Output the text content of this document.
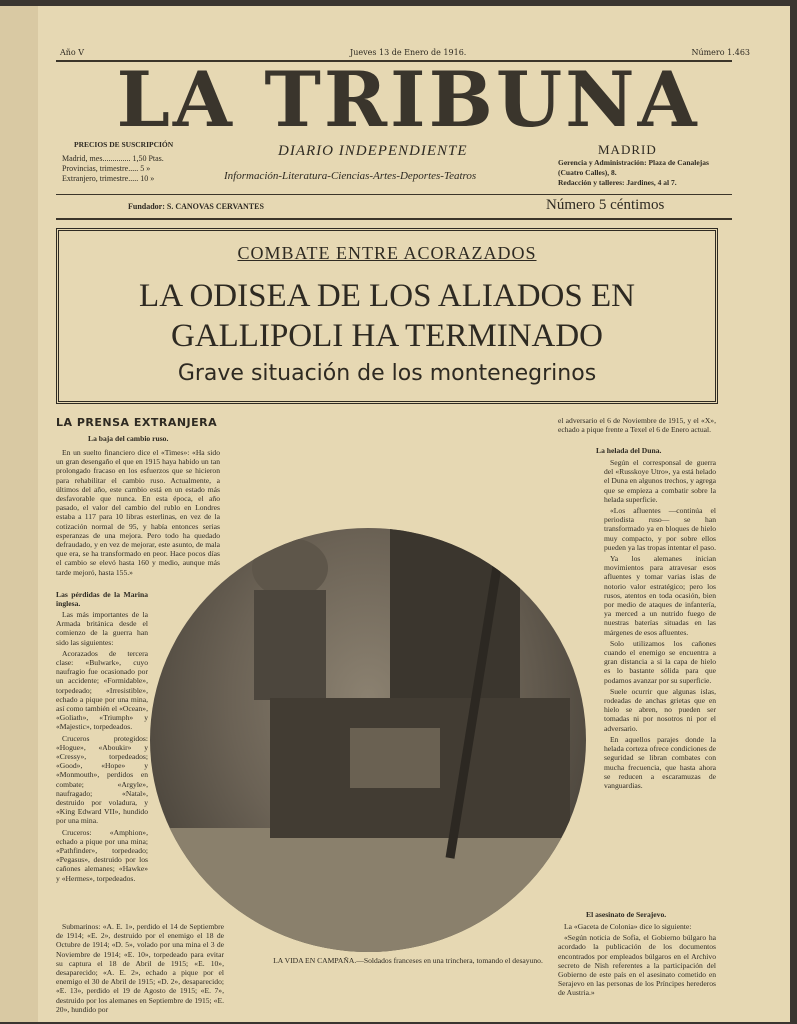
Año V	Jueves 13 de Enero de 1916.	Número 1.463
LA TRIBUNA
PRECIOS DE SUSCRIPCIÓN
Madrid, mes.............. 1,50 Ptas.
Provincias, trimestre..... 5 »
Extranjero, trimestre..... 10 »
DIARIO INDEPENDIENTE	MADRID
Información-Literatura-Ciencias-Artes-Deportes-Teatros
Gerencia y Administración: Plaza de Canalejas (Cuatro Calles), 8.
Redacción y talleres: Jardines, 4 al 7.
Fundador: S. CANOVAS CERVANTES	Número 5 céntimos
COMBATE ENTRE ACORAZADOS
LA ODISEA DE LOS ALIADOS EN
GALLIPOLI HA TERMINADO
Grave situación de los montenegrinos
LA PRENSA EXTRANJERA
La baja del cambio ruso.

En un suelto financiero dice el «Times»: «Ha sido un gran desengaño el que en 1915 haya habido un tan prolongado fracaso en los esfuerzos que se hicieron para rehabilitar el cambio ruso. Actualmente, a últimos del año, este cambio está en un estado más desfavorable que nunca. En esta época, el año pasado, el valor del cambio del rublo en Londres estaba a 117 para 10 libras esterlinas, en vez de la cotización normal de 95, y había entonces serias esperanzas de una mejora. Pero todo ha quedado defraudado, y en vez de mejorar, este asunto, de mala que era, se ha transformado en peor. Hace pocos días el cambio se elevó hasta 160 y medio, aunque más tarde mejoró, hasta 155.»

Las pérdidas de la Marina inglesa.

Las más importantes de la Armada británica desde el comienzo de la guerra han sido las siguientes:

Acorazados de tercera clase: «Bulwark», cuyo naufragio fue ocasionado por un accidente; «Formidable», torpedeado; «Irresistible», echado a pique por una mina, así como también el «Ocean», «Goliath», «Triumph» y «Majestic», torpedeados.

Cruceros protegidos: «Hogue», «Aboukir» y «Cressy», torpedeados; «Good», «Hope» y «Monmouth», perdidos en combate; «Argyle», naufragado; «Natal», destruido por voladura, y «King Edward VII», hundido por una mina.

Cruceros: «Amphion», echado a pique por una mina; «Pathfinder», torpedeado; «Pegasus», destruido por los cañones alemanes; «Hawke» y «Hermes», torpedeados.

Submarinos: «A. E. 1», perdido el 14 de Septiembre de 1914; «E. 2», destruido por el enemigo el 18 de Octubre de 1914; «D. 5», volado por una mina el 3 de Noviembre de 1914; «E. 10», torpedeado para evitar su captura el 18 de Abril de 1915; «E. 10», desaparecido; «A. E. 2», echado a pique por el enemigo el 30 de Abril de 1915; «D. 2», desaparecido; «E. 13», perdido el 19 de Agosto de 1915; «E. 7», destruido por los alemanes en Septiembre de 1915; «E. 20», hundido por

el adversario el 6 de Noviembre de 1915, y el «X», echado a pique frente a Texel el 6 de Enero actual.
La helada del Duna.

Según el corresponsal de guerra del «Russkoye Utro», ya está helado el Duna en algunos trechos, y agrega que se empieza a combatir sobre la helada superficie.

«Los afluentes —continúa el periodista ruso— se han transformado ya en bloques de hielo muy compacto, y por sobre ellos pueden ya las tropas intentar el paso.

Ya los alemanes inician movimientos para atravesar esos afluentes y tomar varias islas de notorio valor estratégico; pero los rusos, atentos en toda ocasión, bien por medio de ataques de infantería, ya merced a un nutrido fuego de nuestras baterías situadas en las márgenes de esos afluentes.

Solo utilizamos los cañones cuando el enemigo se encuentra a gran distancia a si la capa de hielo es lo bastante sólida para que podamos avanzar por su superficie.

Suele ocurrir que algunas islas, rodeadas de anchas grietas que en hielo se abren, no pueden ser tomadas ni por nosotros ni por el adversario.

En aquellos parajes donde la helada corteza ofrece condiciones de seguridad se libran combates con mucha frecuencia, que hasta ahora se reducen a escaramuzas de vanguardias.

El asesinato de Serajevo.

La «Gaceta de Colonia» dice lo siguiente:

«Según noticia de Sofía, el Gobierno búlgaro ha acordado la publicación de los documentos encontrados por empleados búlgaros en el Archivo secreto de Nish referentes a la participación del Gobierno de este país en el asesinato cometido en Serajevo en las personas de los Príncipes herederos de Austria.»

LA VIDA EN CAMPAÑA.—Soldados franceses en una trinchera, tomando el desayuno.
